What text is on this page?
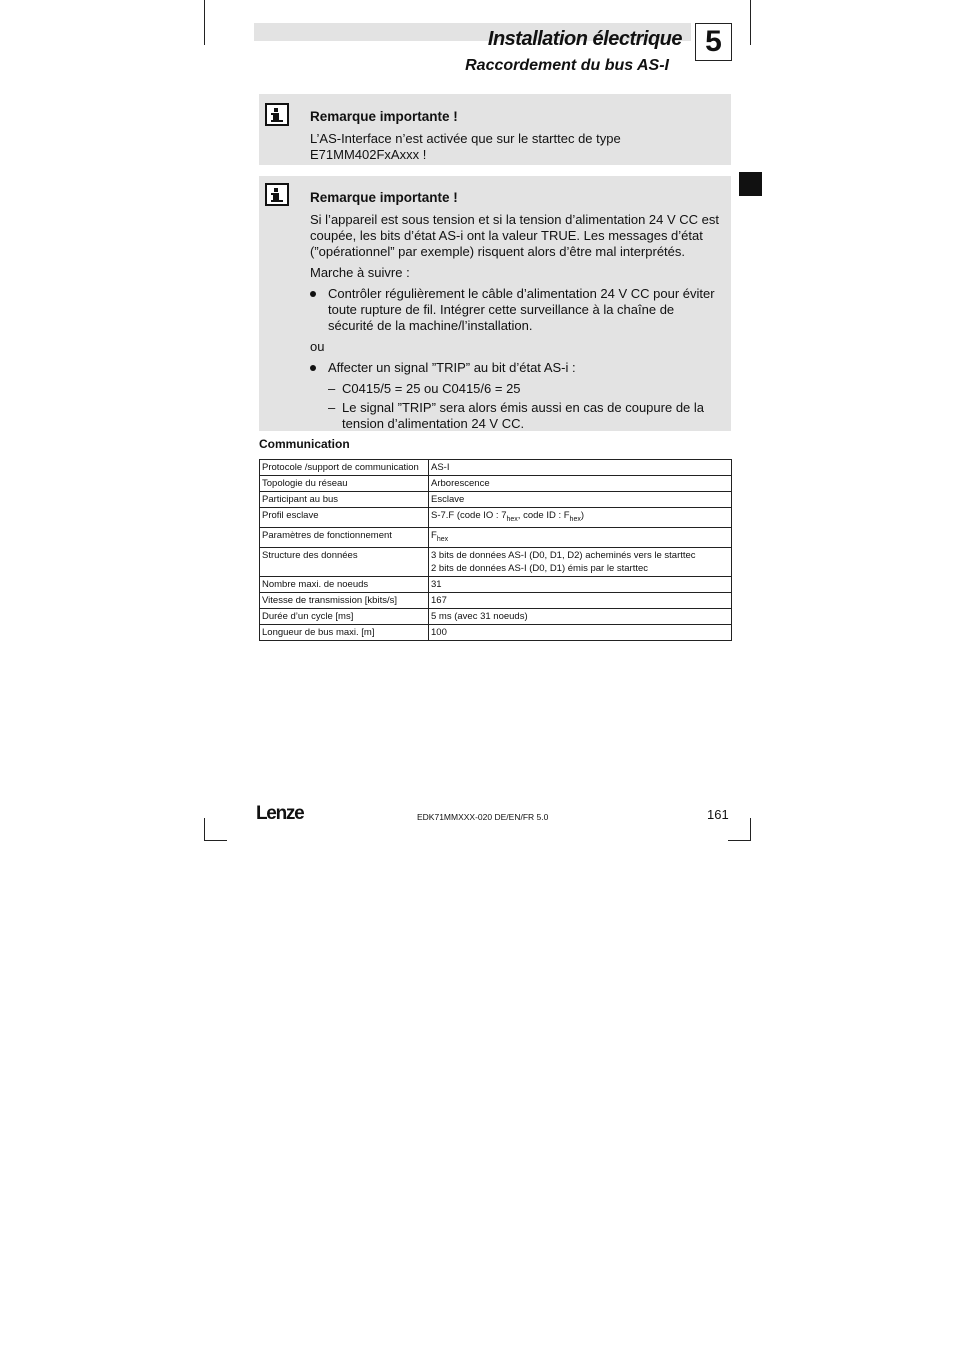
Installation électrique
Raccordement du bus AS-I
5
Remarque importante !

L’AS-Interface n’est activée que sur le starttec de type E71MM402FxAxxx !

Remarque importante !

Si l’appareil est sous tension et si la tension d’alimentation 24 V CC est coupée, les bits d’état AS-i ont la valeur TRUE. Les messages d’état (”opérationnel” par exemple) risquent alors d’être mal interprétés.

Marche à suivre :

Contrôler régulièrement le câble d’alimentation 24 V CC pour éviter toute rupture de fil. Intégrer cette surveillance à la chaîne de sécurité de la machine/l’installation.

ou

Affecter un signal ”TRIP” au bit d’état AS-i :
– C0415/5 = 25 ou C0415/6 = 25
– Le signal ”TRIP” sera alors émis aussi en cas de coupure de la tension d’alimentation 24 V CC.
Communication
Protocole /support de communication	AS-I
Topologie du réseau	Arborescence
Participant au bus	Esclave
Profil esclave	S-7.F (code IO : $7_{hex}$, code ID : $F_{hex}$)
Paramètres de fonctionnement	$F_{hex}$
Structure des données	3 bits de données AS-I (D0, D1, D2) acheminés vers le starttec
2 bits de données AS-I (D0, D1) émis par le starttec

Nombre maxi. de noeuds	31
Vitesse de transmission [kbits/s]	167
Durée d’un cycle [ms]	5 ms (avec 31 noeuds)
Longueur de bus maxi. [m]	100
Lenze	EDK71MMXXX-020 DE/EN/FR 5.0	161
